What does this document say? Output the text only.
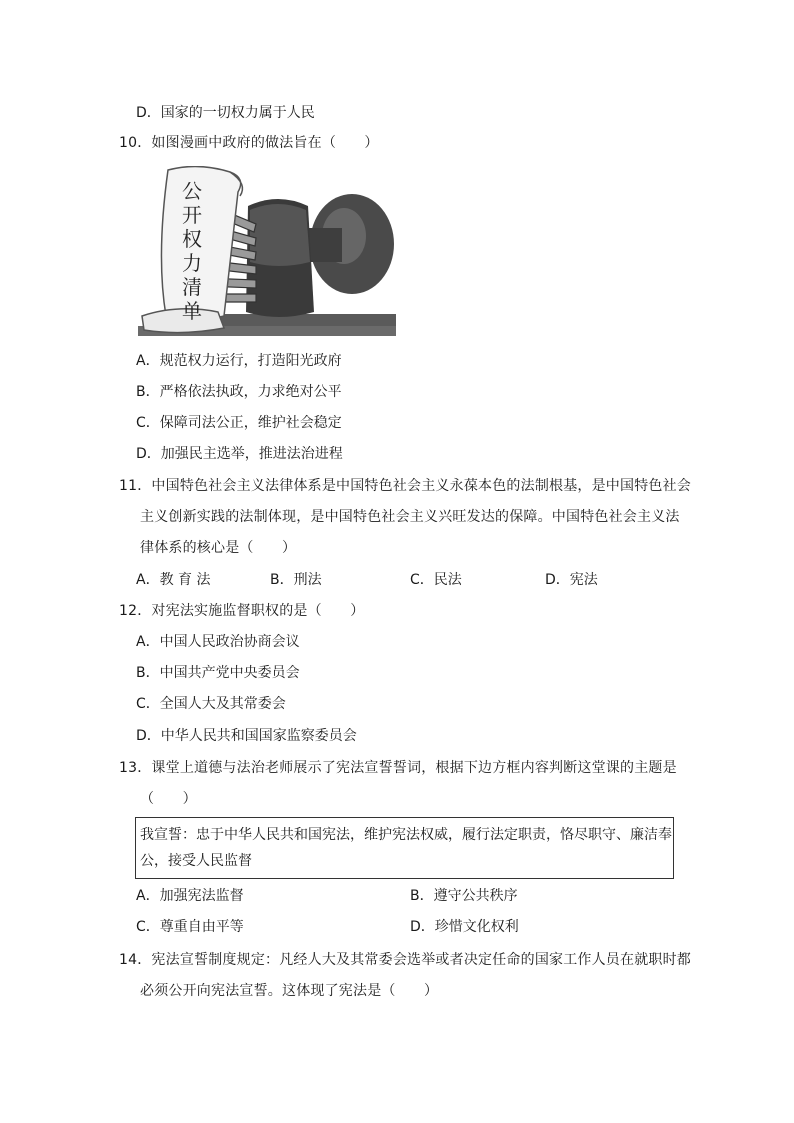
D．国家的一切权力属于人民
10．如图漫画中政府的做法旨在（　　）
公
开
权
力
清
单
A．规范权力运行，打造阳光政府
B．严格依法执政，力求绝对公平
C．保障司法公正，维护社会稳定
D．加强民主选举，推进法治进程
11．中国特色社会主义法律体系是中国特色社会主义永葆本色的法制根基，是中国特色社会
主义创新实践的法制体现，是中国特色社会主义兴旺发达的保障。中国特色社会主义法
律体系的核心是（　　）
A．教 育 法	B．刑法	C．民法	D．宪法
12．对宪法实施监督职权的是（　　）
A．中国人民政治协商会议
B．中国共产党中央委员会
C．全国人大及其常委会
D．中华人民共和国国家监察委员会
13．课堂上道德与法治老师展示了宪法宣誓誓词，根据下边方框内容判断这堂课的主题是
（　　）
我宣誓：忠于中华人民共和国宪法，维护宪法权威，履行法定职责，恪尽职守、廉洁奉
公，接受人民监督
A．加强宪法监督	B．遵守公共秩序
C．尊重自由平等	D．珍惜文化权利
14．宪法宣誓制度规定：凡经人大及其常委会选举或者决定任命的国家工作人员在就职时都
必须公开向宪法宣誓。这体现了宪法是（　　）
